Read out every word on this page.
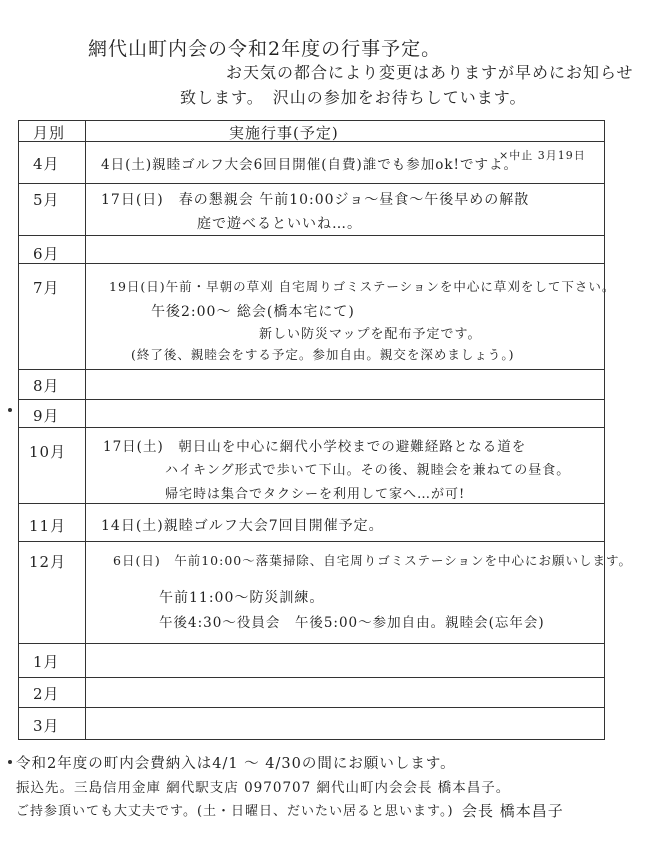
網代山町内会の令和2年度の行事予定。
お天気の都合により変更はありますが早めにお知らせ
致します。　沢山の参加をお待ちしています。
月別	実施行事(予定)
4月	4日(土)親睦ゴルフ大会6回目開催(自費)誰でも参加ok!ですよ。
×中止 3月19日
5月	17日(日)　春の懇親会 午前10:00ジョ～昼食～午後早めの解散
庭で遊べるといいね…。
6月
7月	19日(日)午前・早朝の草刈 自宅周りゴミステーションを中心に草刈をして下さい。
午後2:00～ 総会(橋本宅にて)
新しい防災マップを配布予定です。
(終了後、親睦会をする予定。参加自由。親交を深めましょう。)
8月
9月
10月	17日(土)　朝日山を中心に網代小学校までの避難経路となる道を
ハイキング形式で歩いて下山。その後、親睦会を兼ねての昼食。
帰宅時は集合でタクシーを利用して家へ…が可!
11月 14日(土)親睦ゴルフ大会7回目開催予定。
12月	6日(日)　午前10:00～落葉掃除、自宅周りゴミステーションを中心にお願いします。
午前11:00～防災訓練。
午後4:30～役員会　午後5:00～参加自由。親睦会(忘年会)
1月
2月
3月
令和2年度の町内会費納入は4/1 ～ 4/30の間にお願いします。
振込先。三島信用金庫 網代駅支店 0970707 網代山町内会会長 橋本昌子。
ご持参頂いても大丈夫です。(土・日曜日、だいたい居ると思います。) 会長 橋本昌子
